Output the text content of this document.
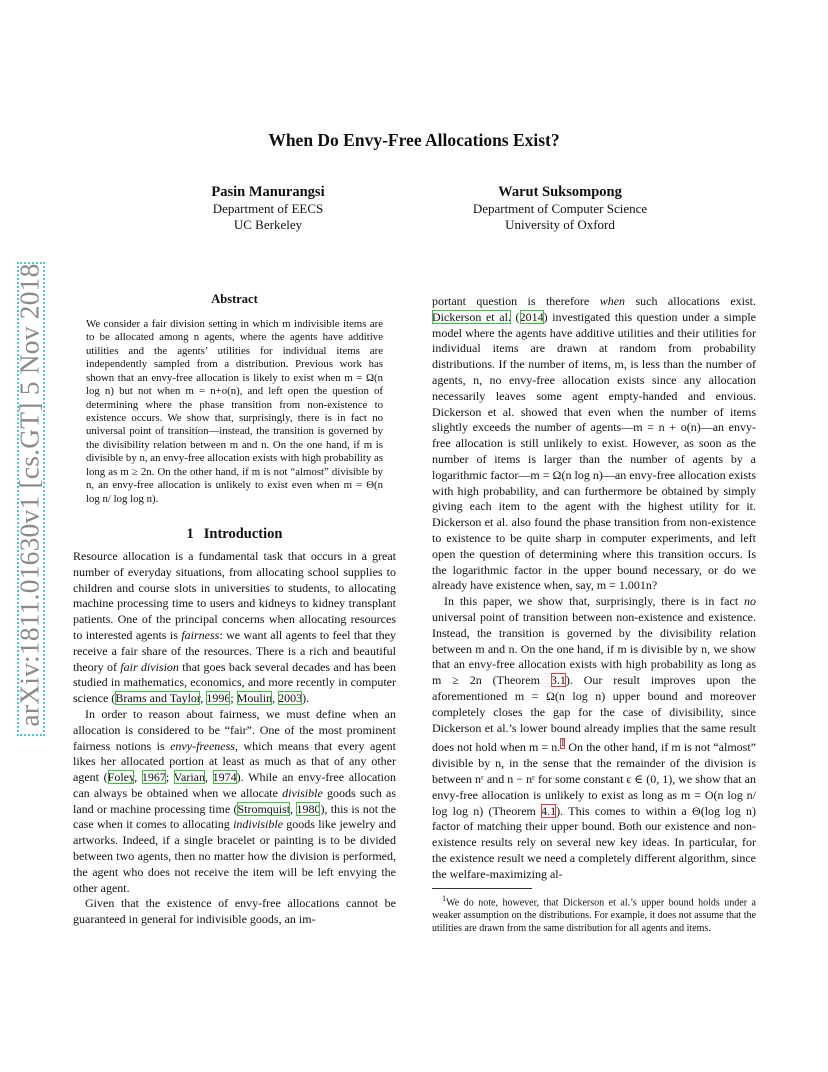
arXiv:1811.01630v1 [cs.GT] 5 Nov 2018
When Do Envy-Free Allocations Exist?
Pasin Manurangsi
Department of EECS
UC Berkeley
Warut Suksompong
Department of Computer Science
University of Oxford
Abstract

We consider a fair division setting in which m indivisible items are to be allocated among n agents, where the agents have additive utilities and the agents’ utilities for individual items are independently sampled from a distribution. Previous work has shown that an envy-free allocation is likely to exist when m = Ω(n log n) but not when m = n+o(n), and left open the question of determining where the phase transition from non-existence to existence occurs. We show that, surprisingly, there is in fact no universal point of transition—instead, the transition is governed by the divisibility relation between m and n. On the one hand, if m is divisible by n, an envy-free allocation exists with high probability as long as m ≥ 2n. On the other hand, if m is not “almost” divisible by n, an envy-free allocation is unlikely to exist even when m = Θ(n log n/ log log n).

1 Introduction

Resource allocation is a fundamental task that occurs in a great number of everyday situations, from allocating school supplies to children and course slots in universities to students, to allocating machine processing time to users and kidneys to kidney transplant patients. One of the principal concerns when allocating resources to interested agents is fairness: we want all agents to feel that they receive a fair share of the resources. There is a rich and beautiful theory of fair division that goes back several decades and has been studied in mathematics, economics, and more recently in computer science (Brams and Taylor, 1996; Moulin, 2003).

In order to reason about fairness, we must define when an allocation is considered to be “fair”. One of the most prominent fairness notions is envy-freeness, which means that every agent likes her allocated portion at least as much as that of any other agent (Foley, 1967; Varian, 1974). While an envy-free allocation can always be obtained when we allocate divisible goods such as land or machine processing time (Stromquist, 1980), this is not the case when it comes to allocating indivisible goods like jewelry and artworks. Indeed, if a single bracelet or painting is to be divided between two agents, then no matter how the division is performed, the agent who does not receive the item will be left envying the other agent.

Given that the existence of envy-free allocations cannot be guaranteed in general for indivisible goods, an im-

portant question is therefore when such allocations exist. Dickerson et al. (2014) investigated this question under a simple model where the agents have additive utilities and their utilities for individual items are drawn at random from probability distributions. If the number of items, m, is less than the number of agents, n, no envy-free allocation exists since any allocation necessarily leaves some agent empty-handed and envious. Dickerson et al. showed that even when the number of items slightly exceeds the number of agents—m = n + o(n)—an envy-free allocation is still unlikely to exist. However, as soon as the number of items is larger than the number of agents by a logarithmic factor—m = Ω(n log n)—an envy-free allocation exists with high probability, and can furthermore be obtained by simply giving each item to the agent with the highest utility for it. Dickerson et al. also found the phase transition from non-existence to existence to be quite sharp in computer experiments, and left open the question of determining where this transition occurs. Is the logarithmic factor in the upper bound necessary, or do we already have existence when, say, m = 1.001n?

In this paper, we show that, surprisingly, there is in fact no universal point of transition between non-existence and existence. Instead, the transition is governed by the divisibility relation between m and n. On the one hand, if m is divisible by n, we show that an envy-free allocation exists with high probability as long as m ≥ 2n (Theorem 3.1). Our result improves upon the aforementioned m = Ω(n log n) upper bound and moreover completely closes the gap for the case of divisibility, since Dickerson et al.’s lower bound already implies that the same result does not hold when m = n.$^1$ On the other hand, if m is not “almost” divisible by n, in the sense that the remainder of the division is between nᵋ and n − nᵋ for some constant ϵ ∈ (0, 1), we show that an envy-free allocation is unlikely to exist as long as m = O(n log n/ log log n) (Theorem 4.1). This comes to within a Θ(log log n) factor of matching their upper bound. Both our existence and non-existence results rely on several new key ideas. In particular, for the existence result we need a completely different algorithm, since the welfare-maximizing al-

$^1$We do note, however, that Dickerson et al.’s upper bound holds under a weaker assumption on the distributions. For example, it does not assume that the utilities are drawn from the same distribution for all agents and items.
